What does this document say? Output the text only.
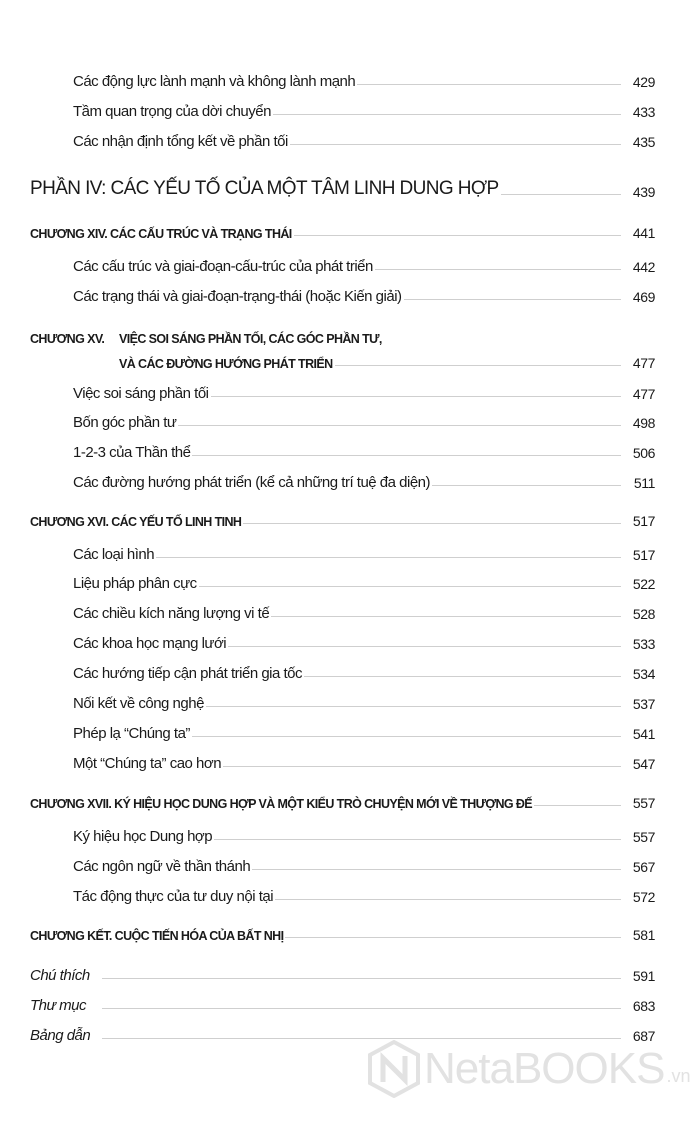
Các động lực lành mạnh và không lành mạnh	429
Tầm quan trọng của dời chuyển	433
Các nhận định tổng kết về phần tối	435
PHẦN IV: CÁC YẾU TỐ CỦA MỘT TÂM LINH DUNG HỢP	439
CHƯƠNG XIV. CÁC CẤU TRÚC VÀ TRẠNG THÁI	441
Các cấu trúc và giai-đoạn-cấu-trúc của phát triển	442
Các trạng thái và giai-đoạn-trạng-thái (hoặc Kiến giải)	469
CHƯƠNG XV. VIỆC SOI SÁNG PHẦN TỐI, CÁC GÓC PHẦN TƯ,
VÀ CÁC ĐƯỜNG HƯỚNG PHÁT TRIỂN	477
Việc soi sáng phần tối	477
Bốn góc phần tư	498
1-2-3 của Thần thể	506
Các đường hướng phát triển (kể cả những trí tuệ đa diện)	511
CHƯƠNG XVI. CÁC YẾU TỐ LINH TINH	517
Các loại hình	517
Liệu pháp phân cực	522
Các chiều kích năng lượng vi tế	528
Các khoa học mạng lưới	533
Các hướng tiếp cận phát triển gia tốc	534
Nối kết về công nghệ	537
Phép lạ “Chúng ta”	541
Một “Chúng ta” cao hơn	547
CHƯƠNG XVII. KÝ HIỆU HỌC DUNG HỢP VÀ MỘT KIỂU TRÒ CHUYỆN MỚI VỀ THƯỢNG ĐẾ	557
Ký hiệu học Dung hợp	557
Các ngôn ngữ về thần thánh	567
Tác động thực của tư duy nội tại	572
CHƯƠNG KẾT. CUỘC TIẾN HÓA CỦA BẤT NHỊ	581
Chú thích	591
Thư mục	683
Bảng dẫn	687
NetaBOOKS .vn
